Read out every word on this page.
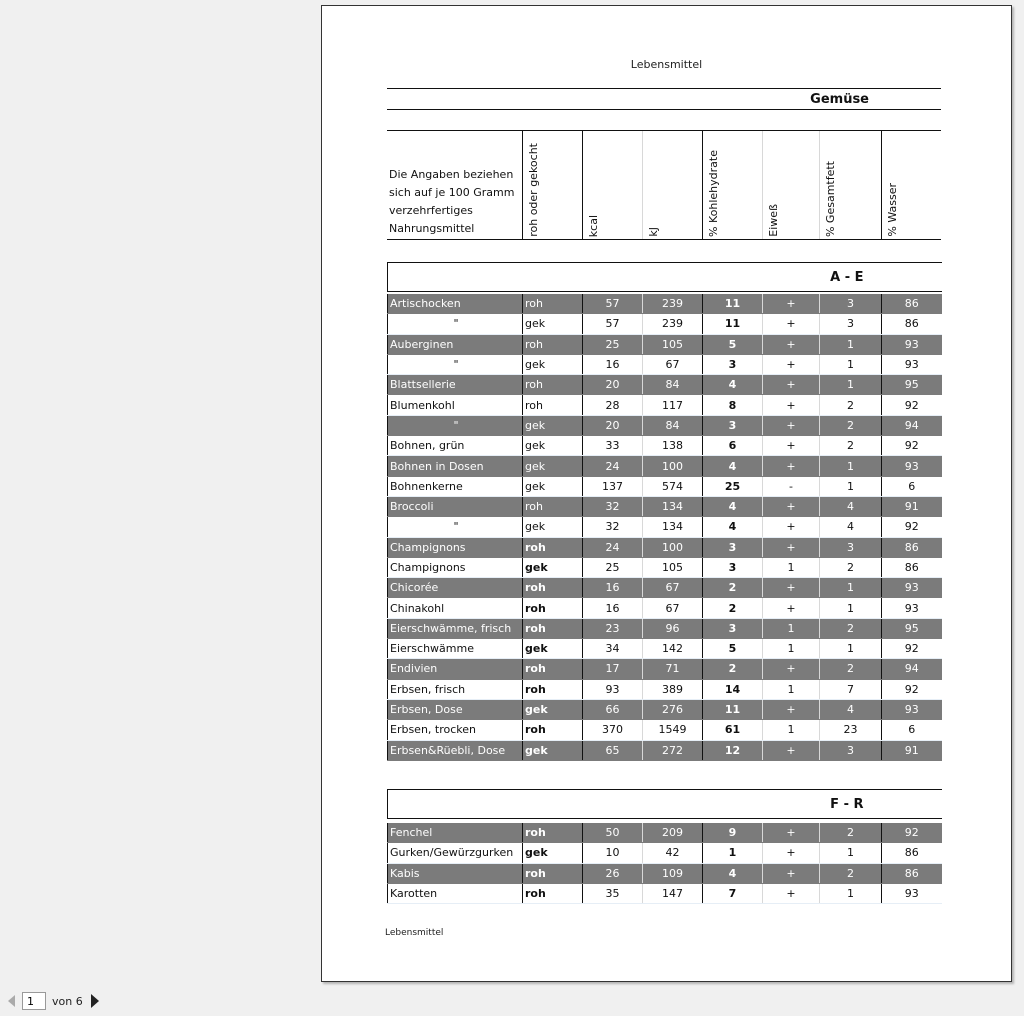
Lebensmittel
Gemüse

Die Angaben beziehen sich auf je 100 Gramm verzehrfertiges Nahrungsmittel	roh oder gekocht	kcal	kJ	% Kohlehydrate	Eiweß	% Gesamtfett	% Wasser
A - E							

Artischocken	roh	57	239	11	+	3	86
"	gek	57	239	11	+	3	86
Auberginen	roh	25	105	5	+	1	93
"	gek	16	67	3	+	1	93
Blattsellerie	roh	20	84	4	+	1	95
Blumenkohl	roh	28	117	8	+	2	92
"	gek	20	84	3	+	2	94
Bohnen, grün	gek	33	138	6	+	2	92
Bohnen in Dosen	gek	24	100	4	+	1	93
Bohnenkerne	gek	137	574	25	-	1	6
Broccoli	roh	32	134	4	+	4	91
"	gek	32	134	4	+	4	92
Champignons	roh	24	100	3	+	3	86
Champignons	gek	25	105	3	1	2	86
Chicorée	roh	16	67	2	+	1	93
Chinakohl	roh	16	67	2	+	1	93
Eierschwämme, frisch	roh	23	96	3	1	2	95
Eierschwämme	gek	34	142	5	1	1	92
Endivien	roh	17	71	2	+	2	94
Erbsen, frisch	roh	93	389	14	1	7	92
Erbsen, Dose	gek	66	276	11	+	4	93
Erbsen, trocken	roh	370	1549	61	1	23	6
Erbsen&Rüebli, Dose	gek	65	272	12	+	3	91
F - R							

Fenchel	roh	50	209	9	+	2	92
Gurken/Gewürzgurken	gek	10	42	1	+	1	86
Kabis	roh	26	109	4	+	2	86
Karotten	roh	35	147	7	+	1	93
Lebensmittel
1
von 6
